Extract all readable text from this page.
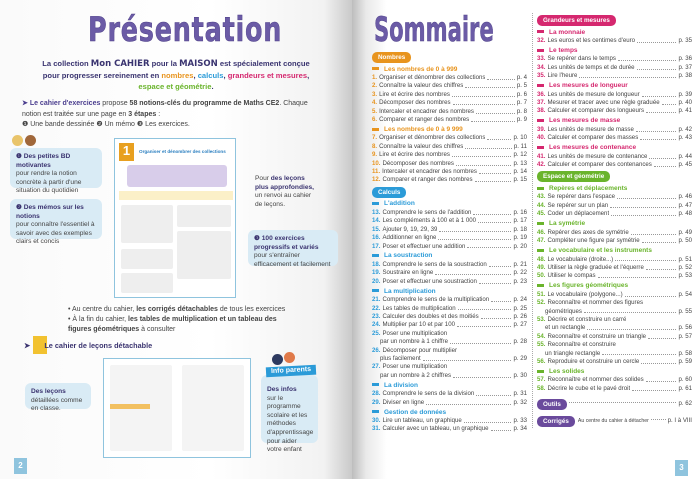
Présentation
La collection Mon CAHIER pour la MAISON est spécialement conçue
pour progresser sereinement en nombres, calculs, grandeurs et mesures,
espace et géométrie.
➤ Le cahier d'exercices propose 58 notions-clés du programme de Maths CE2. Chaque notion est traitée sur une page en 3 étapes :
❶ Une bande dessinée ❷ Un mémo ❸ Les exercices.
❶ Des petites BD motivantes
pour rendre la notion concrète à partir d'une situation du quotidien
❷ Des mémos sur les notions
pour connaître l'essentiel à savoir avec des exemples clairs et concis
1	Organiser et dénombrer des collections
Pour des leçons plus approfondies, un renvoi au cahier de leçons.
❸ 100 exercices progressifs et variés
pour s'entraîner efficacement et facilement
• Au centre du cahier, les corrigés détachables de tous les exercices
• À la fin du cahier, les tables de multiplication et un tableau des figures géométriques à consulter
➤ Le cahier de leçons détachable
Des leçons détaillées comme en classe.
Des infos
sur le programme scolaire et les méthodes d'apprentissage pour aider votre enfant
Info parents
2
Sommaire
Nombres
Les nombres de 0 à 999
1. Organiser et dénombrer des collections	p. 4
2. Connaître la valeur des chiffres	p. 5
3. Lire et écrire des nombres	p. 6
4. Décomposer des nombres	p. 7
5. Intercaler et encadrer des nombres	p. 8
6. Comparer et ranger des nombres	p. 9
Les nombres de 0 à 9 999
7. Organiser et dénombrer des collections	p. 10
8. Connaître la valeur des chiffres	p. 11
9. Lire et écrire des nombres	p. 12
10. Décomposer des nombres	p. 13
11. Intercaler et encadrer des nombres	p. 14
12. Comparer et ranger des nombres	p. 15
Calculs
L'addition
13. Comprendre le sens de l'addition	p. 16
14. Les compléments à 100 et à 1 000	p. 17
15. Ajouter 9, 19, 29, 39	p. 18
16. Additionner en ligne	p. 19
17. Poser et effectuer une addition	p. 20
La soustraction
18. Comprendre le sens de la soustraction	p. 21
19. Soustraire en ligne	p. 22
20. Poser et effectuer une soustraction	p. 23
La multiplication
21. Comprendre le sens de la multiplication	p. 24
22. Les tables de multiplication	p. 25
23. Calculer des doubles et des moitiés	p. 26
24. Multiplier par 10 et par 100	p. 27
25. Poser une multiplication
par un nombre à 1 chiffre	p. 28
26. Décomposer pour multiplier
plus facilement	p. 29
27. Poser une multiplication
par un nombre à 2 chiffres	p. 30
La division
28. Comprendre le sens de la division	p. 31
29. Diviser en ligne	p. 32
Gestion de données
30. Lire un tableau, un graphique	p. 33
31. Calculer avec un tableau, un graphique	p. 34
Grandeurs et mesures
La monnaie
32. Les euros et les centimes d'euro	p. 35
Le temps
33. Se repérer dans le temps	p. 36
34. Les unités de temps et de durée	p. 37
35. Lire l'heure	p. 38
Les mesures de longueur
36. Les unités de mesure de longueur	p. 39
37. Mesurer et tracer avec une règle graduée	p. 40
38. Calculer et comparer des longueurs	p. 41
Les mesures de masse
39. Les unités de mesure de masse	p. 42
40. Calculer et comparer des masses	p. 43
Les mesures de contenance
41. Les unités de mesure de contenance	p. 44
42. Calculer et comparer des contenances	p. 45
Espace et géométrie
Repères et déplacements
43. Se repérer dans l'espace	p. 46
44. Se repérer sur un plan	p. 47
45. Coder un déplacement	p. 48
La symétrie
46. Repérer des axes de symétrie	p. 49
47. Compléter une figure par symétrie	p. 50
Le vocabulaire et les instruments
48. Le vocabulaire (droite...)	p. 51
49. Utiliser la règle graduée et l'équerre	p. 52
50. Utiliser le compas	p. 53
Les figures géométriques
51. Le vocabulaire (polygone...)	p. 54
52. Reconnaître et nommer des figures
géométriques	p. 55
53. Décrire et construire un carré
et un rectangle	p. 56
54. Reconnaître et construire un triangle	p. 57
55. Reconnaître et construire
un triangle rectangle	p. 58
56. Reproduire et construire un cercle	p. 59
Les solides
57. Reconnaître et nommer des solides	p. 60
58. Décrire le cube et le pavé droit	p. 61
Outils	p. 62
Corrigés	Au centre du cahier à détacher	p. I à VIII
3
